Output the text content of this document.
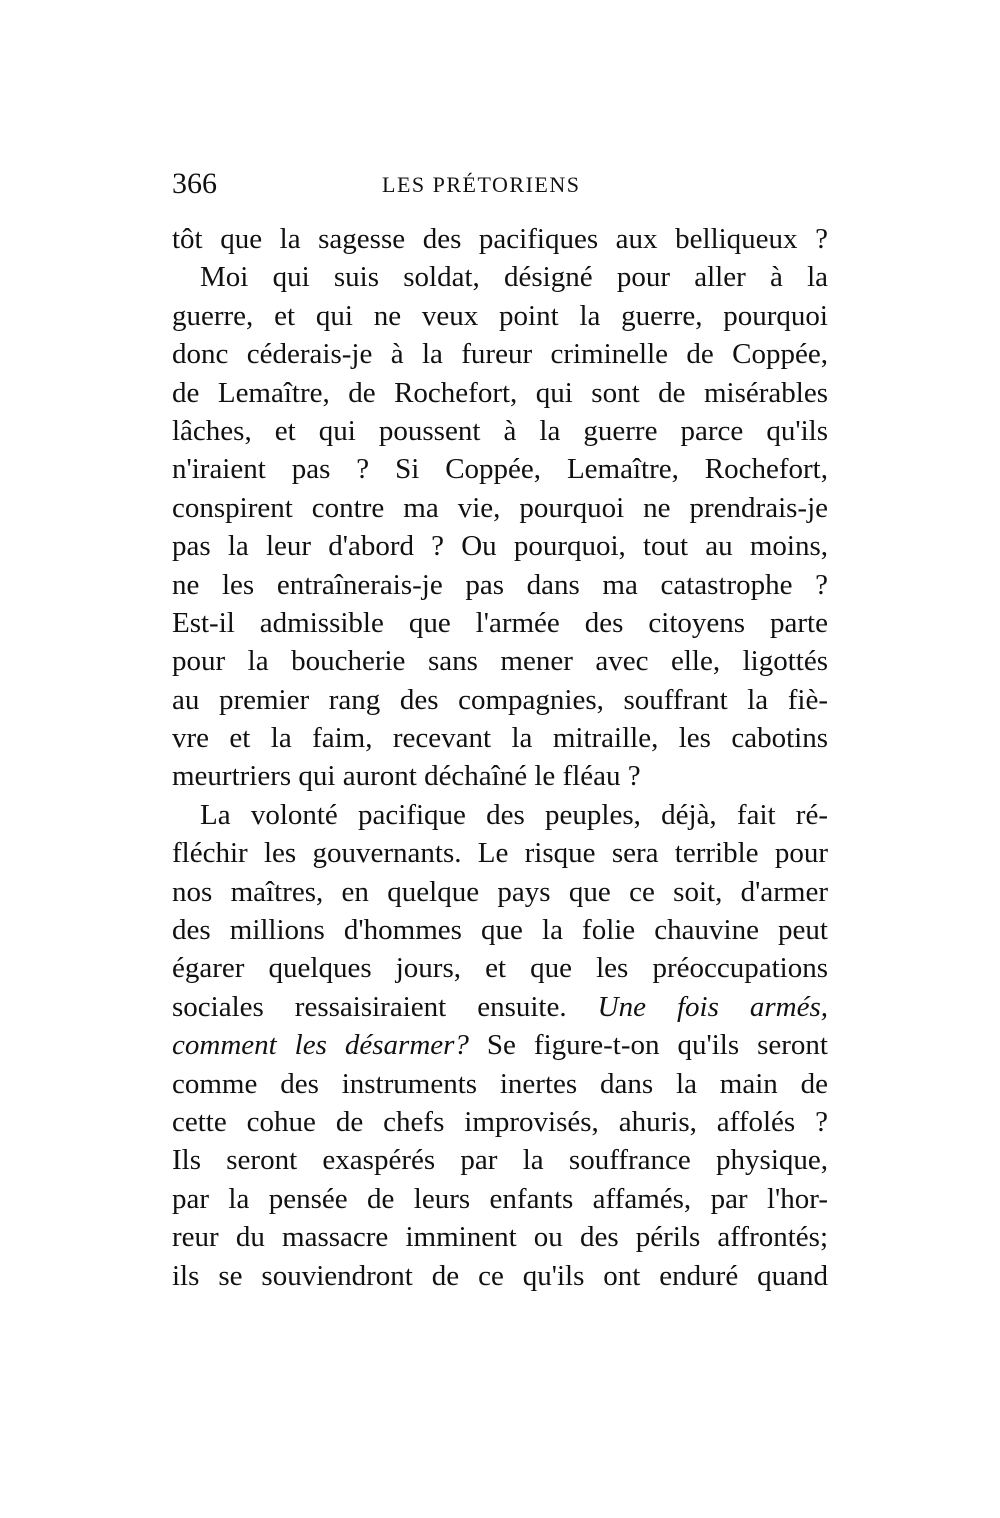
366	LES PRÉTORIENS
tôt que la sagesse des pacifiques aux belliqueux ?
Moi qui suis soldat, désigné pour aller à la
guerre, et qui ne veux point la guerre, pourquoi
donc céderais-je à la fureur criminelle de Coppée,
de Lemaître, de Rochefort, qui sont de misérables
lâches, et qui poussent à la guerre parce qu'ils
n'iraient pas ? Si Coppée, Lemaître, Rochefort,
conspirent contre ma vie, pourquoi ne prendrais-je
pas la leur d'abord ? Ou pourquoi, tout au moins,
ne les entraînerais-je pas dans ma catastrophe ?
Est-il admissible que l'armée des citoyens parte
pour la boucherie sans mener avec elle, ligottés
au premier rang des compagnies, souffrant la fiè-
vre et la faim, recevant la mitraille, les cabotins
meurtriers qui auront déchaîné le fléau ?
La volonté pacifique des peuples, déjà, fait ré-
fléchir les gouvernants. Le risque sera terrible pour
nos maîtres, en quelque pays que ce soit, d'armer
des millions d'hommes que la folie chauvine peut
égarer quelques jours, et que les préoccupations
sociales ressaisiraient ensuite. Une fois armés,
comment les désarmer? Se figure-t-on qu'ils seront
comme des instruments inertes dans la main de
cette cohue de chefs improvisés, ahuris, affolés ?
Ils seront exaspérés par la souffrance physique,
par la pensée de leurs enfants affamés, par l'hor-
reur du massacre imminent ou des périls affrontés;
ils se souviendront de ce qu'ils ont enduré quand
